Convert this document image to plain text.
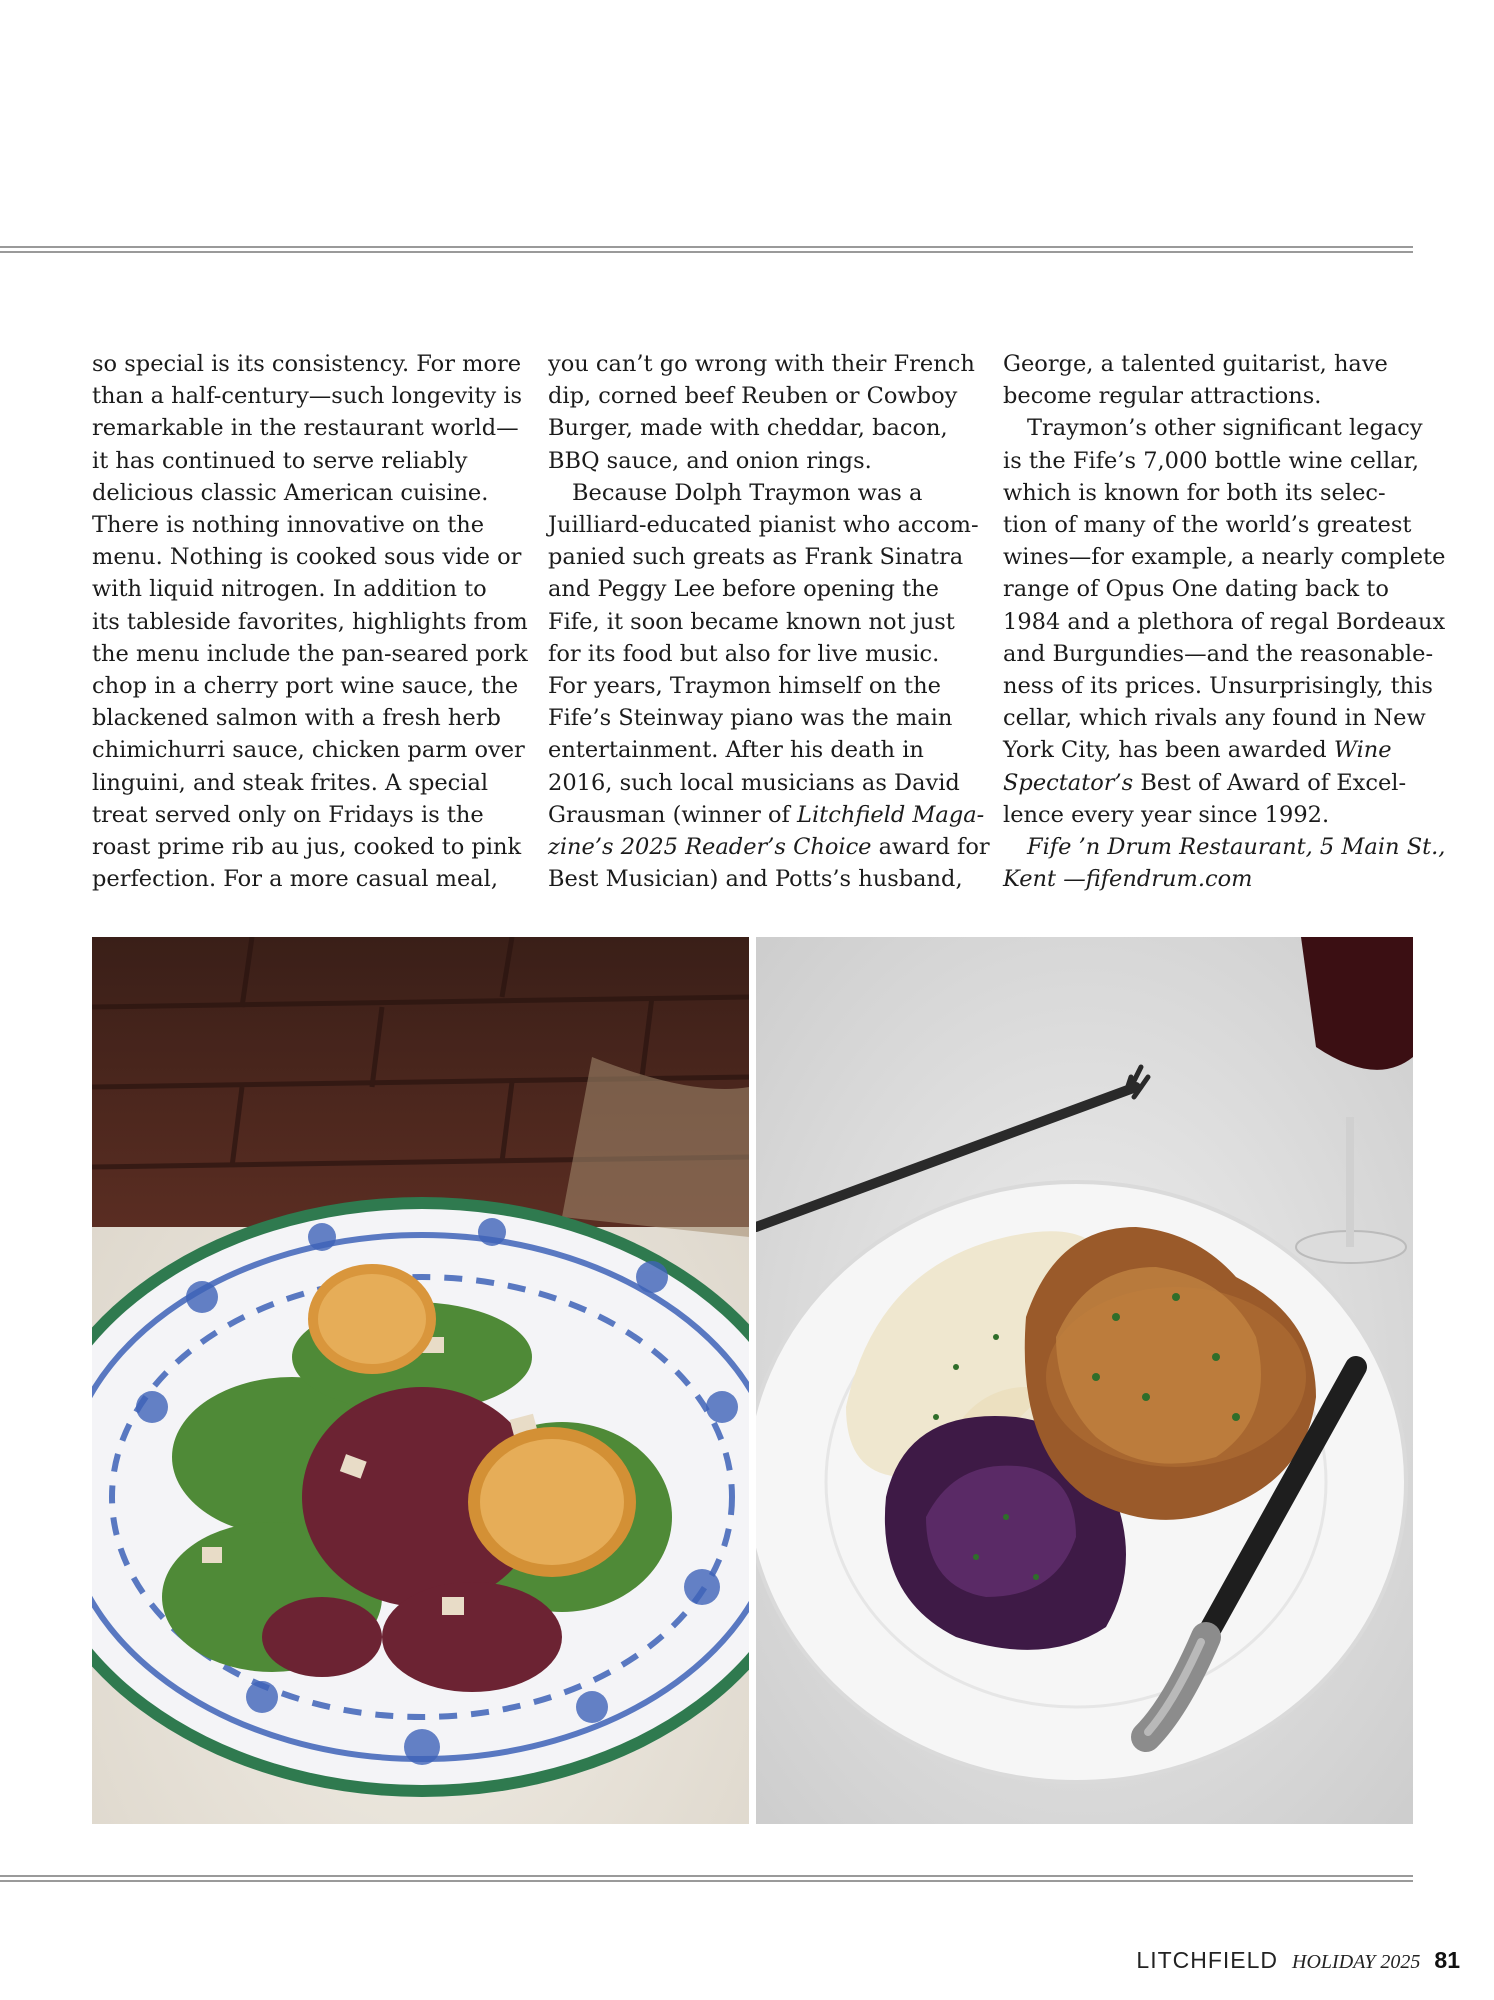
so special is its consistency. For more
than a half-century—such longevity is
remarkable in the restaurant world—
it has continued to serve reliably
delicious classic American cuisine.
There is nothing innovative on the
menu. Nothing is cooked sous vide or
with liquid nitrogen. In addition to
its tableside favorites, highlights from
the menu include the pan-seared pork
chop in a cherry port wine sauce, the
blackened salmon with a fresh herb
chimichurri sauce, chicken parm over
linguini, and steak frites. A special
treat served only on Fridays is the
roast prime rib au jus, cooked to pink
perfection. For a more casual meal,
you can’t go wrong with their French
dip, corned beef Reuben or Cowboy
Burger, made with cheddar, bacon,
BBQ sauce, and onion rings.
Because Dolph Traymon was a
Juilliard-educated pianist who accom-
panied such greats as Frank Sinatra
and Peggy Lee before opening the
Fife, it soon became known not just
for its food but also for live music.
For years, Traymon himself on the
Fife’s Steinway piano was the main
entertainment. After his death in
2016, such local musicians as David
Grausman (winner of Litchfield Maga-
zine’s 2025 Reader’s Choice award for
Best Musician) and Potts’s husband,
George, a talented guitarist, have
become regular attractions.
Traymon’s other significant legacy
is the Fife’s 7,000 bottle wine cellar,
which is known for both its selec-
tion of many of the world’s greatest
wines—for example, a nearly complete
range of Opus One dating back to
1984 and a plethora of regal Bordeaux
and Burgundies—and the reasonable-
ness of its prices. Unsurprisingly, this
cellar, which rivals any found in New
York City, has been awarded Wine
Spectator’s Best of Award of Excel-
lence every year since 1992.
Fife ’n Drum Restaurant, 5 Main St.,
Kent —fifendrum.com
LITCHFIELD HOLIDAY 2025 81
